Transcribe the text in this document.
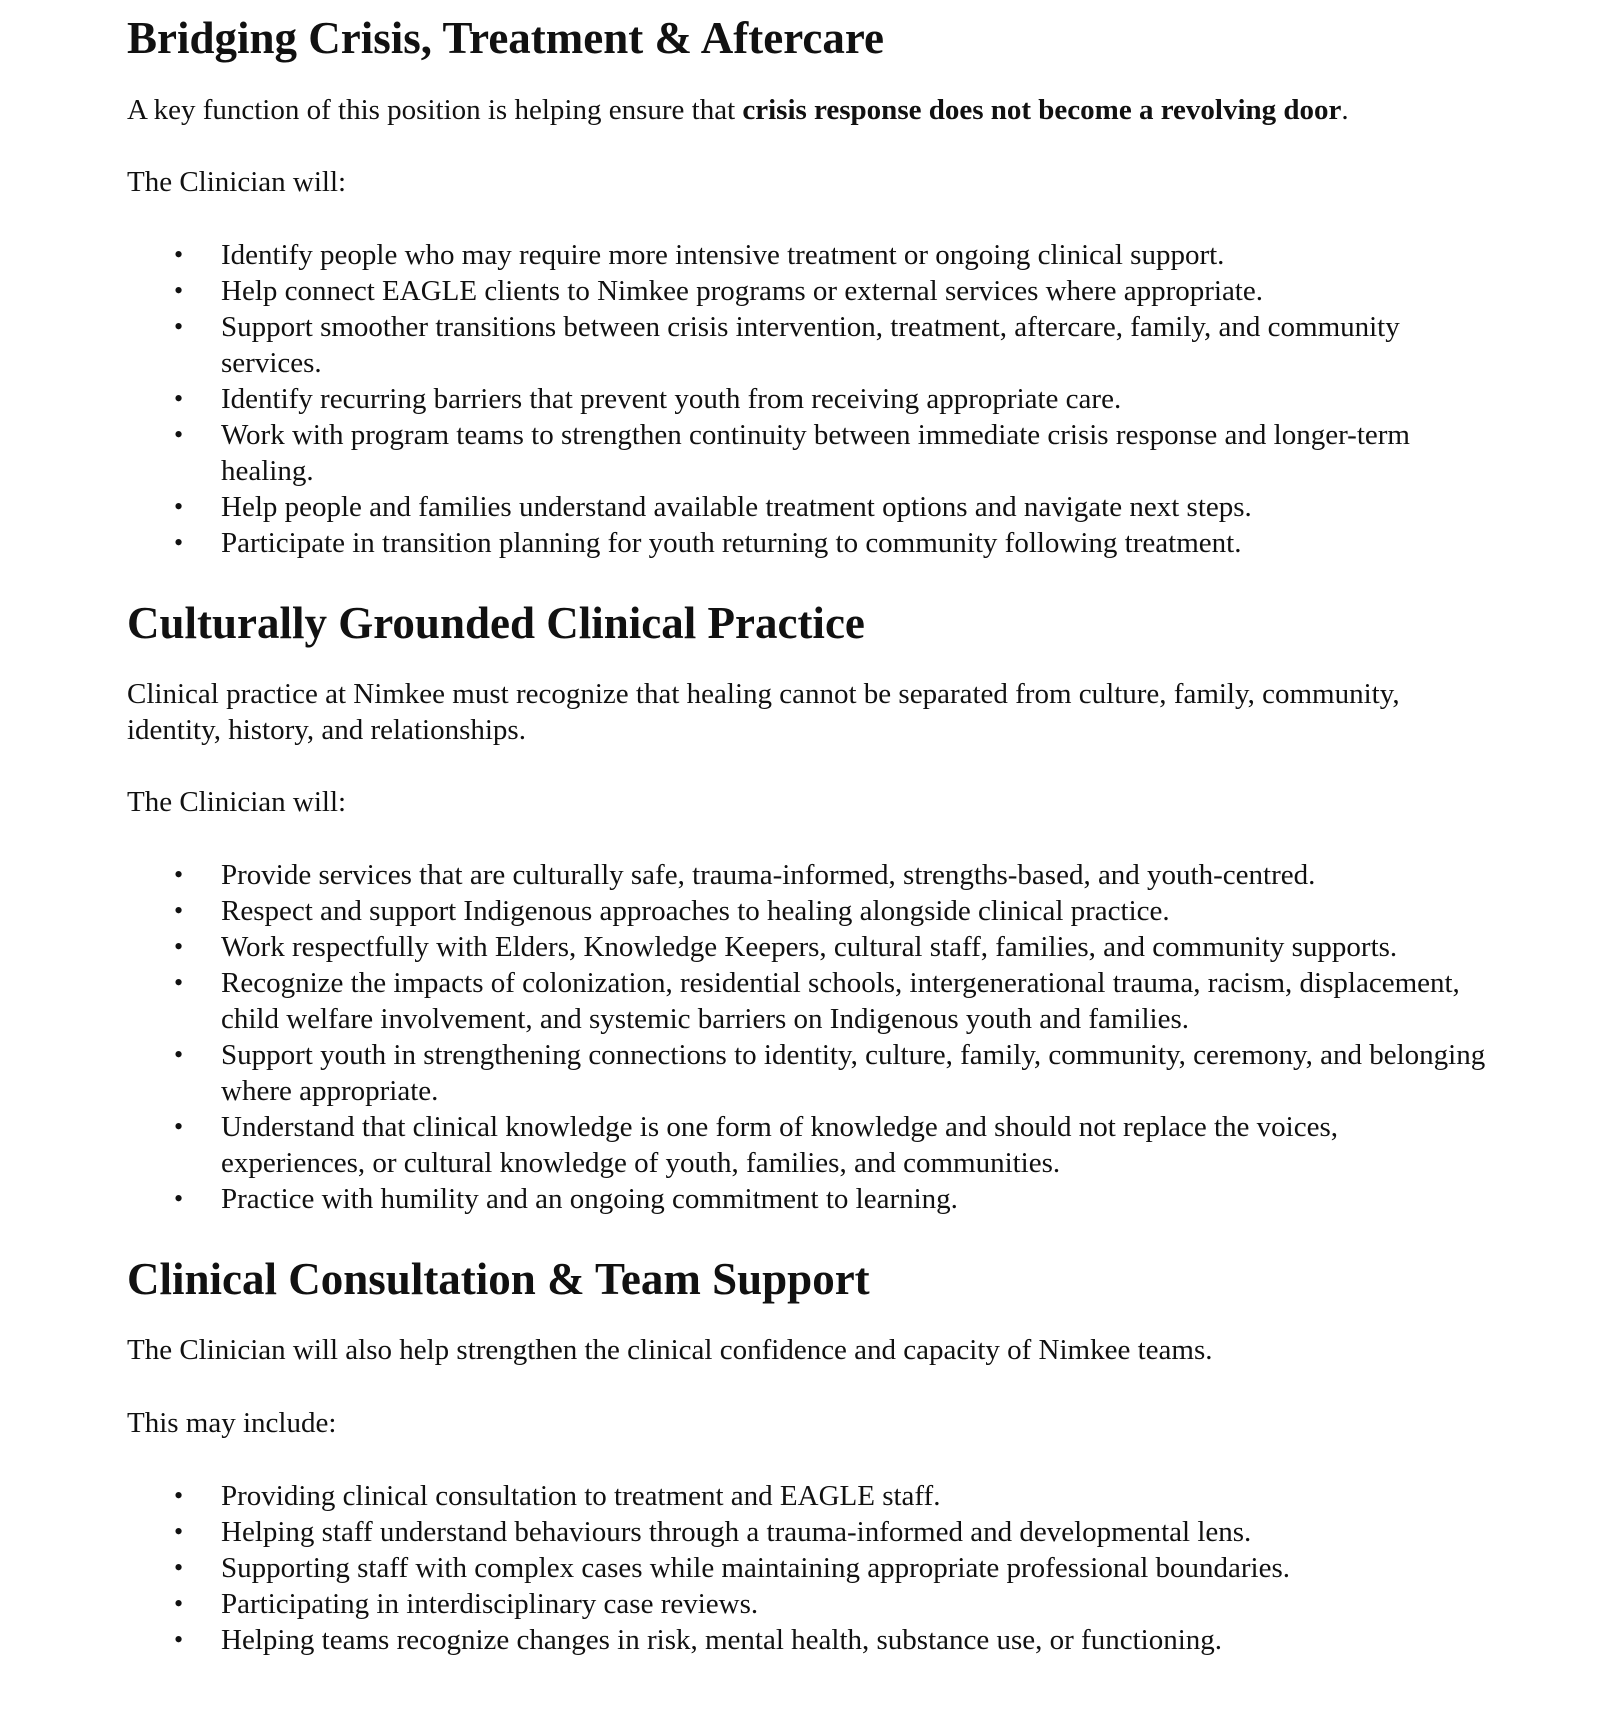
Bridging Crisis, Treatment & Aftercare

A key function of this position is helping ensure that crisis response does not become a revolving door.

The Clinician will:

• Identify people who may require more intensive treatment or ongoing clinical support.
• Help connect EAGLE clients to Nimkee programs or external services where appropriate.
• Support smoother transitions between crisis intervention, treatment, aftercare, family, and community services.
• Identify recurring barriers that prevent youth from receiving appropriate care.
• Work with program teams to strengthen continuity between immediate crisis response and longer-term healing.
• Help people and families understand available treatment options and navigate next steps.
• Participate in transition planning for youth returning to community following treatment.
Culturally Grounded Clinical Practice

Clinical practice at Nimkee must recognize that healing cannot be separated from culture, family, community, identity, history, and relationships.

The Clinician will:

• Provide services that are culturally safe, trauma-informed, strengths-based, and youth-centred.
• Respect and support Indigenous approaches to healing alongside clinical practice.
• Work respectfully with Elders, Knowledge Keepers, cultural staff, families, and community supports.
• Recognize the impacts of colonization, residential schools, intergenerational trauma, racism, displacement, child welfare involvement, and systemic barriers on Indigenous youth and families.
• Support youth in strengthening connections to identity, culture, family, community, ceremony, and belonging where appropriate.
• Understand that clinical knowledge is one form of knowledge and should not replace the voices, experiences, or cultural knowledge of youth, families, and communities.
• Practice with humility and an ongoing commitment to learning.
Clinical Consultation & Team Support

The Clinician will also help strengthen the clinical confidence and capacity of Nimkee teams.

This may include:

• Providing clinical consultation to treatment and EAGLE staff.
• Helping staff understand behaviours through a trauma-informed and developmental lens.
• Supporting staff with complex cases while maintaining appropriate professional boundaries.
• Participating in interdisciplinary case reviews.
• Helping teams recognize changes in risk, mental health, substance use, or functioning.
